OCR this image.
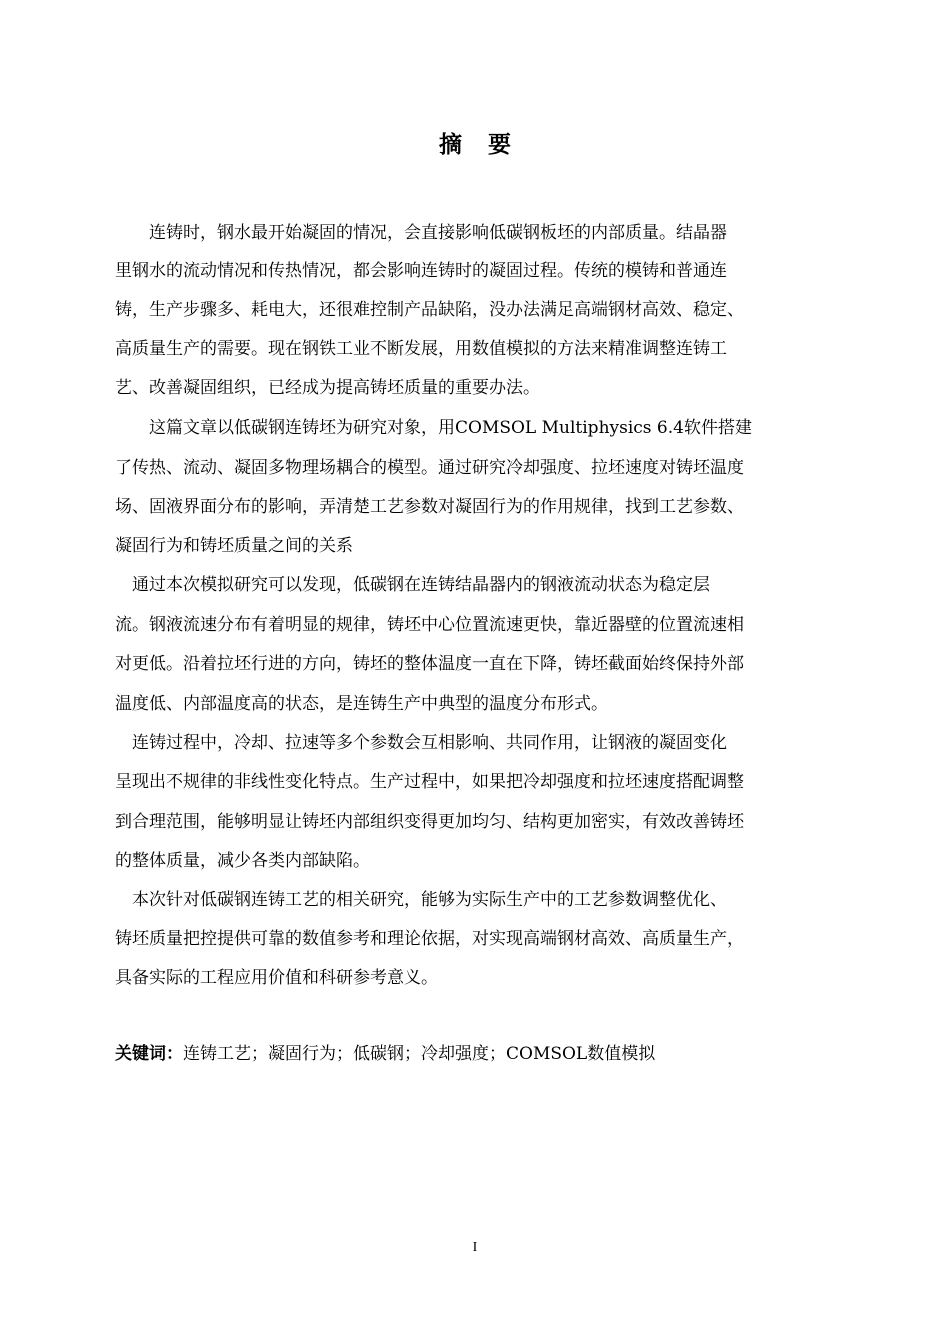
摘 要
　　连铸时，钢水最开始凝固的情况，会直接影响低碳钢板坯的内部质量。结晶器
里钢水的流动情况和传热情况，都会影响连铸时的凝固过程。传统的模铸和普通连
铸，生产步骤多、耗电大，还很难控制产品缺陷，没办法满足高端钢材高效、稳定、
高质量生产的需要。现在钢铁工业不断发展，用数值模拟的方法来精准调整连铸工
艺、改善凝固组织，已经成为提高铸坯质量的重要办法。
　　这篇文章以低碳钢连铸坯为研究对象，用COMSOL Multiphysics 6.4软件搭建
了传热、流动、凝固多物理场耦合的模型。通过研究冷却强度、拉坯速度对铸坯温度
场、固液界面分布的影响，弄清楚工艺参数对凝固行为的作用规律，找到工艺参数、
凝固行为和铸坯质量之间的关系
　通过本次模拟研究可以发现，低碳钢在连铸结晶器内的钢液流动状态为稳定层
流。钢液流速分布有着明显的规律，铸坯中心位置流速更快，靠近器壁的位置流速相
对更低。沿着拉坯行进的方向，铸坯的整体温度一直在下降，铸坯截面始终保持外部
温度低、内部温度高的状态，是连铸生产中典型的温度分布形式。
　连铸过程中，冷却、拉速等多个参数会互相影响、共同作用，让钢液的凝固变化
呈现出不规律的非线性变化特点。生产过程中，如果把冷却强度和拉坯速度搭配调整
到合理范围，能够明显让铸坯内部组织变得更加均匀、结构更加密实，有效改善铸坯
的整体质量，减少各类内部缺陷。
　本次针对低碳钢连铸工艺的相关研究，能够为实际生产中的工艺参数调整优化、
铸坯质量把控提供可靠的数值参考和理论依据，对实现高端钢材高效、高质量生产，
具备实际的工程应用价值和科研参考意义。
关键词：连铸工艺；凝固行为；低碳钢；冷却强度；COMSOL数值模拟
I
